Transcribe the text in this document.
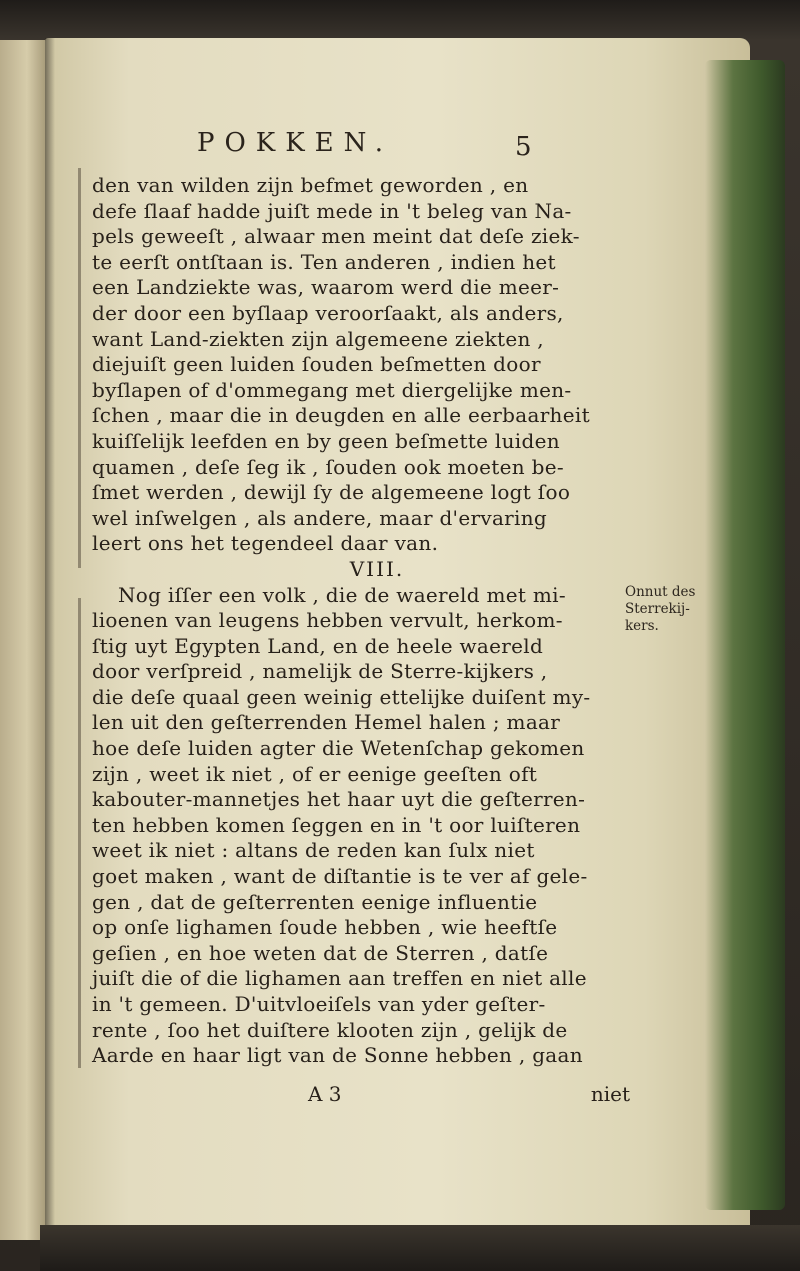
POKKEN.	5
den van wilden zijn befmet geworden , en
defe ſlaaf hadde juiſt mede in 't beleg van Na-
pels geweeſt , alwaar men meint dat deſe ziek-
te eerſt ontſtaan is. Ten anderen , indien het
een Landziekte was, waarom werd die meer-
der door een byſlaap veroorſaakt, als anders,
want Land-ziekten zijn algemeene ziekten ,
diejuiſt geen luiden ſouden beſmetten door
byſlapen of d'ommegang met diergelijke men-
ſchen , maar die in deugden en alle eerbaarheit
kuiſſelijk leefden en by geen beſmette luiden
quamen , deſe ſeg ik , ſouden ook moeten be-
ſmet werden , dewijl ſy de algemeene logt ſoo
wel inſwelgen , als andere, maar d'ervaring
leert ons het tegendeel daar van.
VIII.
Nog iſſer een volk , die de waereld met mi-
lioenen van leugens hebben vervult, herkom-
ſtig uyt Egypten Land, en de heele waereld
door verſpreid , namelijk de Sterre-kijkers ,
die deſe quaal geen weinig ettelijke duiſent my-
len uit den geſterrenden Hemel halen ; maar
hoe deſe luiden agter die Wetenſchap gekomen
zijn , weet ik niet , of er eenige geeſten oft
kabouter-mannetjes het haar uyt die geſterren-
ten hebben komen ſeggen en in 't oor luiſteren
weet ik niet : altans de reden kan ſulx niet
goet maken , want de diſtantie is te ver af gele-
gen , dat de geſterrenten eenige influentie
op onſe lighamen ſoude hebben , wie heeftſe
geſien , en hoe weten dat de Sterren , datſe
juiſt die of die lighamen aan treffen en niet alle
in 't gemeen. D'uitvloeiſels van yder geſter-
rente , ſoo het duiſtere klooten zijn , gelijk de
Aarde en haar ligt van de Sonne hebben , gaan
Onnut des
Sterrekij-
kers.
A 3	niet
